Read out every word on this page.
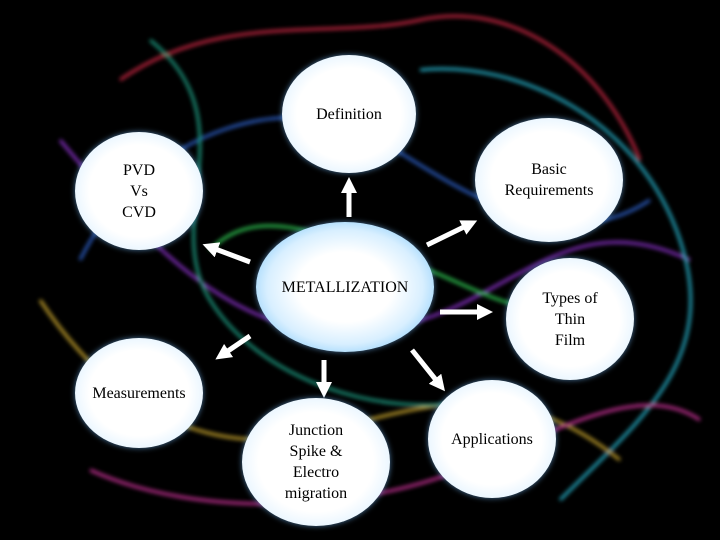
Definition
Basic
Requirements
PVD
Vs
CVD
METALLIZATION
Types of
Thin
Film
Measurements
Junction
Spike &
Electro
migration
Applications
